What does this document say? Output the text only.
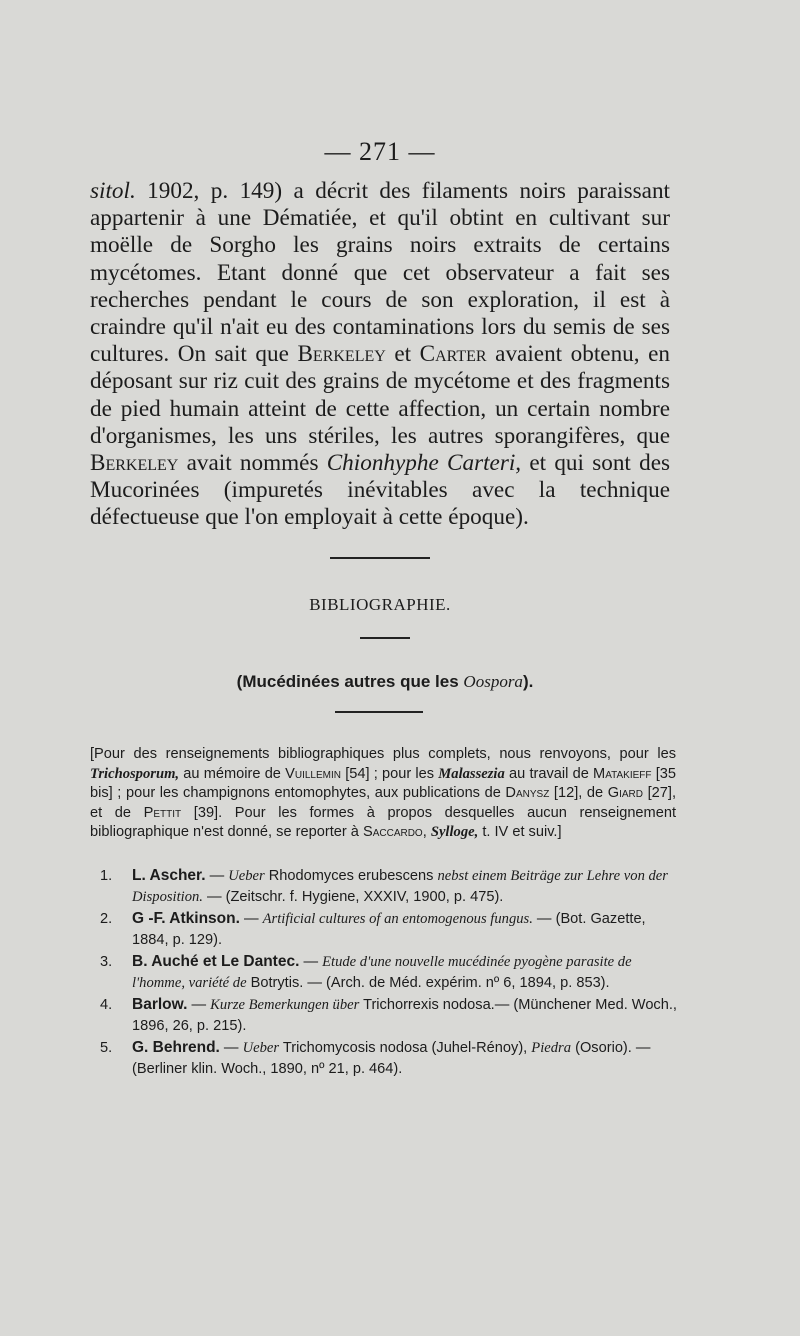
— 271 —

sitol. 1902, p. 149) a décrit des filaments noirs paraissant appartenir à une Dématiée, et qu'il obtint en cultivant sur moëlle de Sorgho les grains noirs extraits de certains mycétomes. Etant donné que cet observateur a fait ses recherches pendant le cours de son exploration, il est à craindre qu'il n'ait eu des contaminations lors du semis de ses cultures. On sait que Berkeley et Carter avaient obtenu, en déposant sur riz cuit des grains de mycétome et des fragments de pied humain atteint de cette affection, un certain nombre d'organismes, les uns stériles, les autres sporangifères, que Berkeley avait nommés Chionhyphe Carteri, et qui sont des Mucorinées (impuretés inévitables avec la technique défectueuse que l'on employait à cette époque).

BIBLIOGRAPHIE.
(Mucédinées autres que les Oospora).
[Pour des renseignements bibliographiques plus complets, nous renvoyons, pour les Trichosporum, au mémoire de Vuillemin [54] ; pour les Malassezia au travail de Matakieff [35 bis] ; pour les champignons entomophytes, aux publications de Danysz [12], de Giard [27], et de Pettit [39]. Pour les formes à propos desquelles aucun renseignement bibliographique n'est donné, se reporter à Saccardo, Sylloge, t. IV et suiv.]
1. L. Ascher. — Ueber Rhodomyces erubescens nebst einem Beiträge zur Lehre von der Disposition. — (Zeitschr. f. Hygiene, XXXIV, 1900, p. 475).
2. G -F. Atkinson. — Artificial cultures of an entomogenous fungus. — (Bot. Gazette, 1884, p. 129).
3. B. Auché et Le Dantec. — Etude d'une nouvelle mucédinée pyogène parasite de l'homme, variété de Botrytis. — (Arch. de Méd. expérim. nº 6, 1894, p. 853).
4. Barlow. — Kurze Bemerkungen über Trichorrexis nodosa.— (Münchener Med. Woch., 1896, 26, p. 215).
5. G. Behrend. — Ueber Trichomycosis nodosa (Juhel-Rénoy), Piedra (Osorio). — (Berliner klin. Woch., 1890, nº 21, p. 464).
